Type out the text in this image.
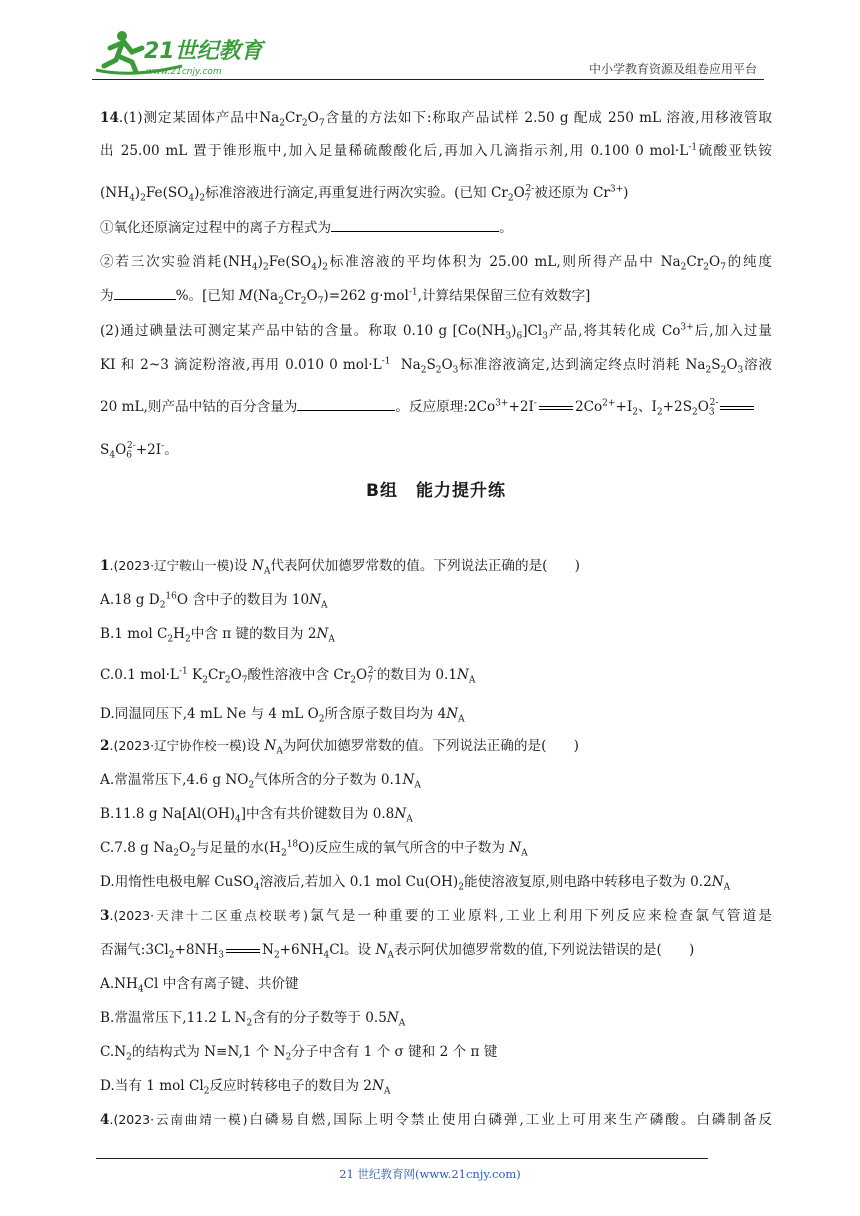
21世纪教育
www.21cnjy.com	中小学教育资源及组卷应用平台
14.(1)测定某固体产品中$Na_2Cr_2O_7$含量的方法如下:称取产品试样 2.50 g 配成 250 mL 溶液,用移液管取
出 25.00 mL 置于锥形瓶中,加入足量稀硫酸酸化后,再加入几滴指示剂,用 0.100 0 $mol\cdot L^{-1}$硫酸亚铁铵
$(NH_4)_2Fe(SO_4)_2$标准溶液进行滴定,再重复进行两次实验。(已知 $Cr_2O_7^{2-}$被还原为 $Cr^{3+}$)
①氧化还原滴定过程中的离子方程式为	。
②若三次实验消耗$(NH_4)_2Fe(SO_4)_2$标准溶液的平均体积为 25.00 mL,则所得产品中 $Na_2Cr_2O_7$的纯度
为	%。[已知 $M(Na_2Cr_2O_7)=262$ g·mol$^{-1}$,计算结果保留三位有效数字]
(2)通过碘量法可测定某产品中钴的含量。称取 0.10 g $[Co(NH_3)_6]Cl_3$产品,将其转化成 $Co^{3+}$后,加入过量
KI 和 2~3 滴淀粉溶液,再用 0.010 0 $mol\cdot L^{-1}$ $Na_2S_2O_3$标准溶液滴定,达到滴定终点时消耗 $Na_2S_2O_3$溶液
20 mL,则产品中钴的百分含量为	。反应原理$:2Co^{3+}+2I^-$	$2Co^{2+}+I_2$、$I_2+2S_2O_3^{2-}$
$S_4O_6^{2-}+2I^-$。
B组　能力提升练
1.(2023·辽宁鞍山一模)设 $N_A$代表阿伏加德罗常数的值。下列说法正确的是(　　)
A.18 g $D_2^{16}O$ 含中子的数目为 $10N_A$
B.1 mol $C_2H_2$中含 π 键的数目为 $2N_A$
C.0.1 $mol\cdot L^{-1}$ $K_2Cr_2O_7$酸性溶液中含 $Cr_2O_7^{2-}$的数目为 $0.1N_A$
D.同温同压下,4 mL Ne 与 4 mL $O_2$所含原子数目均为 $4N_A$
2.(2023·辽宁协作校一模)设 $N_A$为阿伏加德罗常数的值。下列说法正确的是(　　)
A.常温常压下,4.6 g $NO_2$气体所含的分子数为 $0.1N_A$
B.11.8 g $Na[Al(OH)_4]$中含有共价键数目为 $0.8N_A$
C.7.8 g $Na_2O_2$与足量的水$(H_2^{18}O)$反应生成的氧气所含的中子数为 $N_A$
D.用惰性电极电解 CuSO$_4$溶液后,若加入 0.1 mol $Cu(OH)_2$能使溶液复原,则电路中转移电子数为 $0.2N_A$
3.(2023·天津十二区重点校联考)氯气是一种重要的工业原料,工业上利用下列反应来检查氯气管道是
否漏气$:3Cl_2+8NH_3$	$N_2+6NH_4Cl$。设 $N_A$表示阿伏加德罗常数的值,下列说法错误的是(　　)
$A.NH_4Cl$ 中含有离子键、共价键
B.常温常压下,11.2 L $N_2$含有的分子数等于 $0.5N_A$
$C.N_2$的结构式为 N≡N,1 个 $N_2$分子中含有 1 个 σ 键和 2 个 π 键
D.当有 1 mol $Cl_2$反应时转移电子的数目为 $2N_A$
4.(2023·云南曲靖一模)白磷易自燃,国际上明令禁止使用白磷弹,工业上可用来生产磷酸。白磷制备反
21 世纪教育网(www.21cnjy.com)
